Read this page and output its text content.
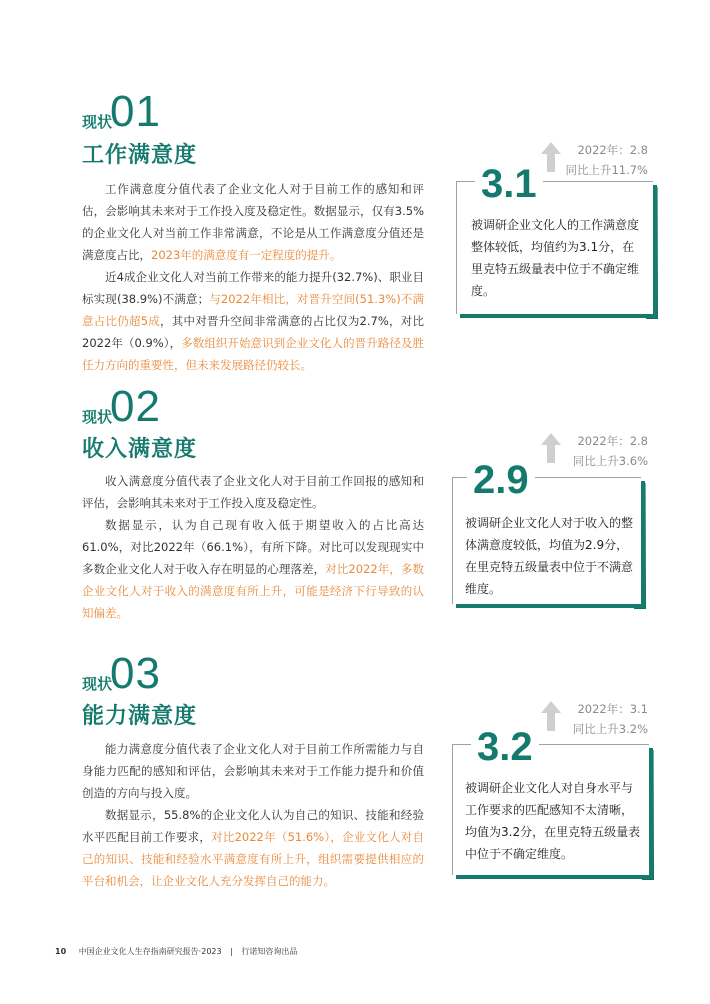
现状
01
工作满意度

工作满意度分值代表了企业文化人对于目前工作的感知和评估，会影响其未来对于工作投入度及稳定性。数据显示，仅有3.5%的企业文化人对当前工作非常满意，不论是从工作满意度分值还是满意度占比，2023年的满意度有一定程度的提升。

近4成企业文化人对当前工作带来的能力提升(32.7%)、职业目标实现(38.9%)不满意；与2022年相比，对晋升空间(51.3%)不满意占比仍超5成，其中对晋升空间非常满意的占比仅为2.7%，对比2022年（0.9%），多数组织开始意识到企业文化人的晋升路径及胜任力方向的重要性，但未来发展路径仍较长。

2022年：2.8
同比上升11.7%
3.1
被调研企业文化人的工作满意度整体较低，均值约为3.1分，在里克特五级量表中位于不确定维度。
现状
02
收入满意度

收入满意度分值代表了企业文化人对于目前工作回报的感知和评估，会影响其未来对于工作投入度及稳定性。

数据显示，认为自己现有收入低于期望收入的占比高达61.0%，对比2022年（66.1%），有所下降。对比可以发现现实中多数企业文化人对于收入存在明显的心理落差，对比2022年，多数企业文化人对于收入的满意度有所上升，可能是经济下行导致的认知偏差。

2022年：2.8
同比上升3.6%
2.9
被调研企业文化人对于收入的整体满意度较低，均值为2.9分，在里克特五级量表中位于不满意维度。
现状
03
能力满意度

能力满意度分值代表了企业文化人对于目前工作所需能力与自身能力匹配的感知和评估，会影响其未来对于工作能力提升和价值创造的方向与投入度。

数据显示，55.8%的企业文化人认为自己的知识、技能和经验水平匹配目前工作要求，对比2022年（51.6%），企业文化人对自己的知识、技能和经验水平满意度有所上升，组织需要提供相应的平台和机会，让企业文化人充分发挥自己的能力。

2022年：3.1
同比上升3.2%
3.2
被调研企业文化人对自身水平与工作要求的匹配感知不太清晰，均值为3.2分，在里克特五级量表中位于不确定维度。
10 中国企业文化人生存指南研究报告·2023 | 行诺知咨询出品
